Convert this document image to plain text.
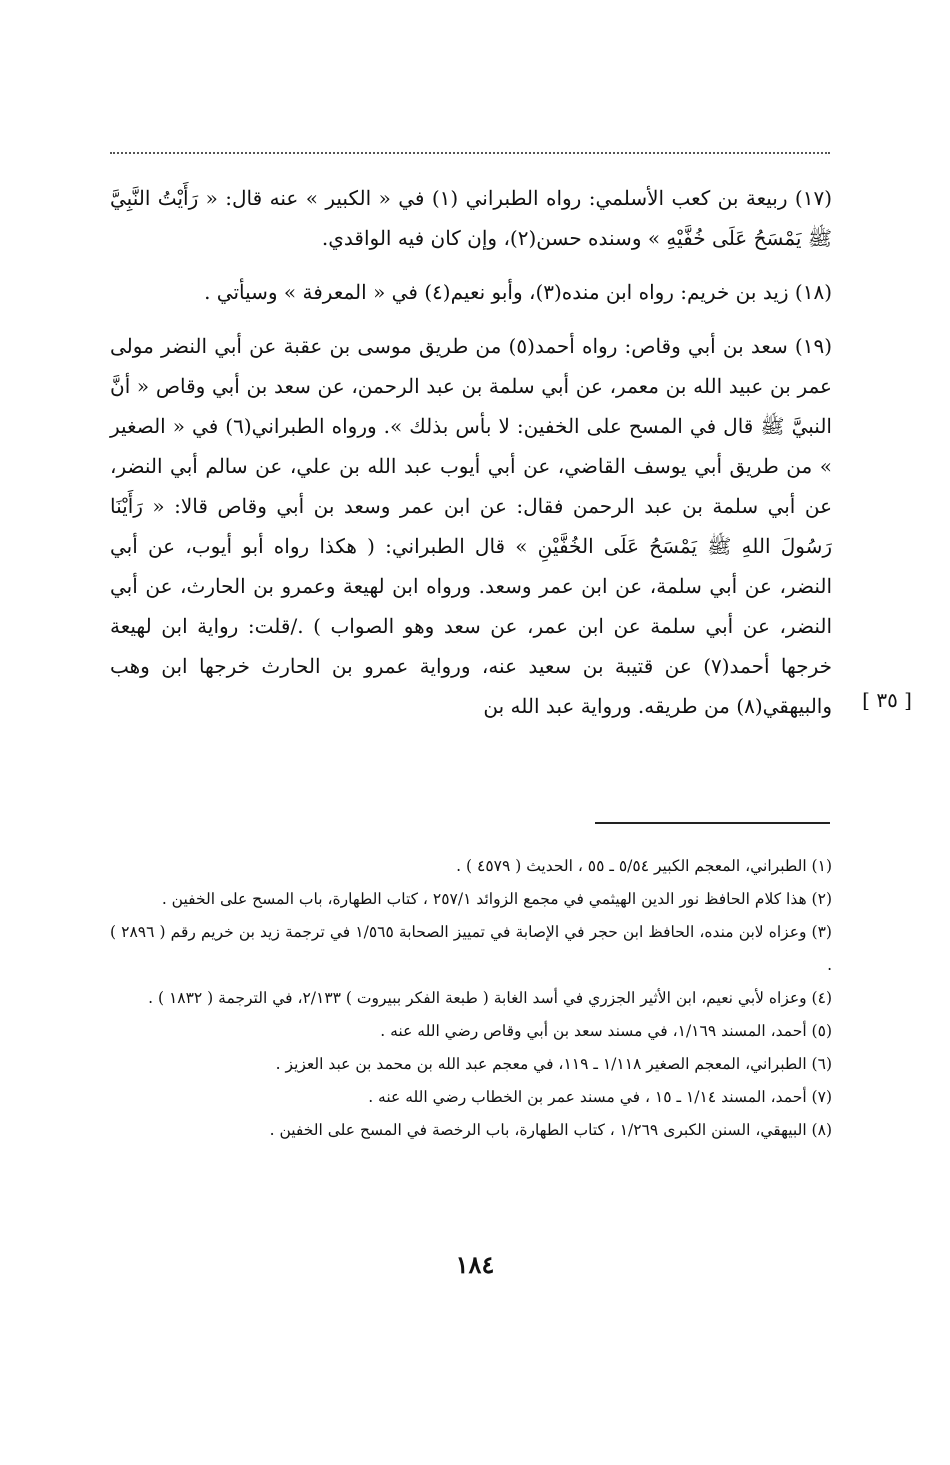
(١٧) ربيعة بن كعب الأسلمي: رواه الطبراني (١) في « الكبير » عنه قال: « رَأَيْتُ النَّبِيَّ ﷺ يَمْسَحُ عَلَى خُفَّيْهِ » وسنده حسن(٢)، وإن كان فيه الواقدي.

(١٨) زيد بن خريم: رواه ابن منده(٣)، وأبو نعيم(٤) في « المعرفة » وسيأتي .

(١٩) سعد بن أبي وقاص: رواه أحمد(٥) من طريق موسى بن عقبة عن أبي النضر مولى عمر بن عبيد الله بن معمر، عن أبي سلمة بن عبد الرحمن، عن سعد بن أبي وقاص « أنَّ النبيَّ ﷺ قال في المسح على الخفين: لا بأس بذلك ». ورواه الطبراني(٦) في « الصغير » من طريق أبي يوسف القاضي، عن أبي أيوب عبد الله بن علي، عن سالم أبي النضر، عن أبي سلمة بن عبد الرحمن فقال: عن ابن عمر وسعد بن أبي وقاص قالا: « رَأَيْنَا رَسُولَ اللهِ ﷺ يَمْسَحُ عَلَى الخُفَّيْنِ » قال الطبراني: ( هكذا رواه أبو أيوب، عن أبي النضر، عن أبي سلمة، عن ابن عمر وسعد. ورواه ابن لهيعة وعمرو بن الحارث، عن أبي النضر، عن أبي سلمة عن ابن عمر، عن سعد وهو الصواب ) ./قلت: رواية ابن لهيعة خرجها أحمد(٧) عن قتيبة بن سعيد عنه، ورواية عمرو بن الحارث خرجها ابن وهب والبيهقي(٨) من طريقه. ورواية عبد الله بن	[ ٣٥ ]

(١) الطبراني، المعجم الكبير ٥/٥٤ ـ ٥٥ ، الحديث ( ٤٥٧٩ ) .

(٢) هذا كلام الحافظ نور الدين الهيثمي في مجمع الزوائد ٢٥٧/١ ، كتاب الطهارة، باب المسح على الخفين .

(٣) وعزاه لابن منده، الحافظ ابن حجر في الإصابة في تمييز الصحابة ١/٥٦٥ في ترجمة زيد بن خريم رقم ( ٢٨٩٦ ) .

(٤) وعزاه لأبي نعيم، ابن الأثير الجزري في أسد الغابة ( طبعة الفكر ببيروت ) ٢/١٣٣، في الترجمة ( ١٨٣٢ ) .

(٥) أحمد، المسند ١/١٦٩، في مسند سعد بن أبي وقاص رضي الله عنه .

(٦) الطبراني، المعجم الصغير ١/١١٨ ـ ١١٩، في معجم عبد الله بن محمد بن عبد العزيز .

(٧) أحمد، المسند ١/١٤ ـ ١٥ ، في مسند عمر بن الخطاب رضي الله عنه .

(٨) البيهقي، السنن الكبرى ١/٢٦٩ ، كتاب الطهارة، باب الرخصة في المسح على الخفين .

١٨٤
